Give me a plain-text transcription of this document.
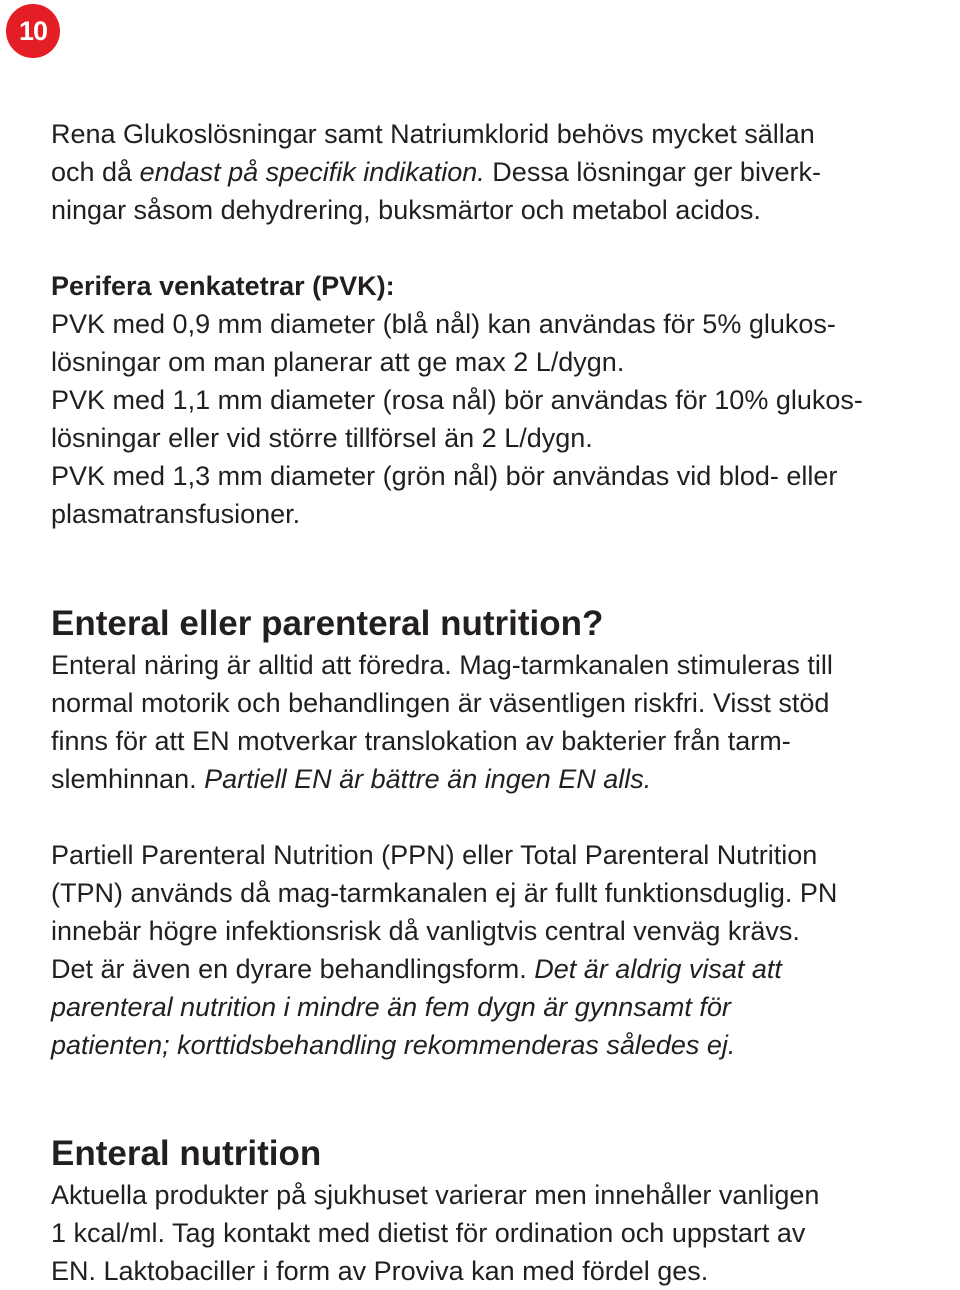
10
Rena Glukoslösningar samt Natriumklorid behövs mycket sällan
och då endast på specifik indikation. Dessa lösningar ger biverk-
ningar såsom dehydrering, buksmärtor och metabol acidos.
Perifera venkatetrar (PVK):
PVK med 0,9 mm diameter (blå nål) kan användas för 5% glukos-
lösningar om man planerar att ge max 2 L/dygn.
PVK med 1,1 mm diameter (rosa nål) bör användas för 10% glukos-
lösningar eller vid större tillförsel än 2 L/dygn.
PVK med 1,3 mm diameter (grön nål) bör användas vid blod- eller
plasmatransfusioner.
Enteral eller parenteral nutrition?
Enteral näring är alltid att föredra. Mag-tarmkanalen stimuleras till
normal motorik och behandlingen är väsentligen riskfri. Visst stöd
finns för att EN motverkar translokation av bakterier från tarm-
slemhinnan. Partiell EN är bättre än ingen EN alls.
Partiell Parenteral Nutrition (PPN) eller Total Parenteral Nutrition
(TPN) används då mag-tarmkanalen ej är fullt funktionsduglig. PN
innebär högre infektionsrisk då vanligtvis central venväg krävs.
Det är även en dyrare behandlingsform. Det är aldrig visat att
parenteral nutrition i mindre än fem dygn är gynnsamt för
patienten; korttidsbehandling rekommenderas således ej.
Enteral nutrition
Aktuella produkter på sjukhuset varierar men innehåller vanligen
1 kcal/ml. Tag kontakt med dietist för ordination och uppstart av
EN. Laktobaciller i form av Proviva kan med fördel ges.
